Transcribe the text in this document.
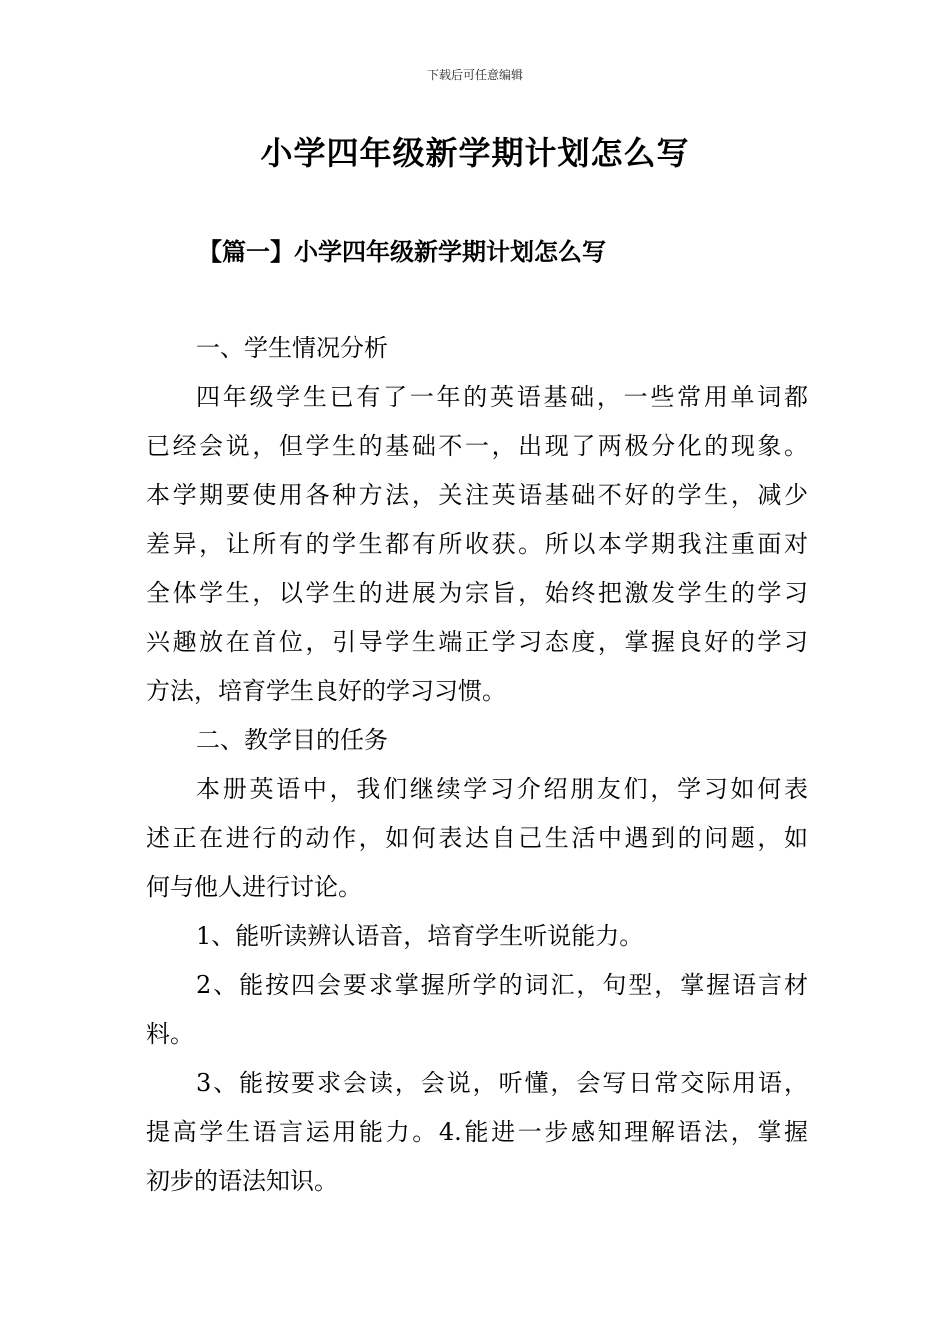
下载后可任意编辑
小学四年级新学期计划怎么写
【篇一】小学四年级新学期计划怎么写
一、学生情况分析
四年级学生已有了一年的英语基础，一些常用单词都
已经会说，但学生的基础不一，出现了两极分化的现象。
本学期要使用各种方法，关注英语基础不好的学生，减少
差异，让所有的学生都有所收获。所以本学期我注重面对
全体学生，以学生的进展为宗旨，始终把激发学生的学习
兴趣放在首位，引导学生端正学习态度，掌握良好的学习
方法，培育学生良好的学习习惯。
二、教学目的任务
本册英语中，我们继续学习介绍朋友们，学习如何表
述正在进行的动作，如何表达自己生活中遇到的问题，如
何与他人进行讨论。
1、能听读辨认语音，培育学生听说能力。
2、能按四会要求掌握所学的词汇，句型，掌握语言材
料。
3、能按要求会读，会说，听懂，会写日常交际用语，
提高学生语言运用能力。4.能进一步感知理解语法，掌握
初步的语法知识。
